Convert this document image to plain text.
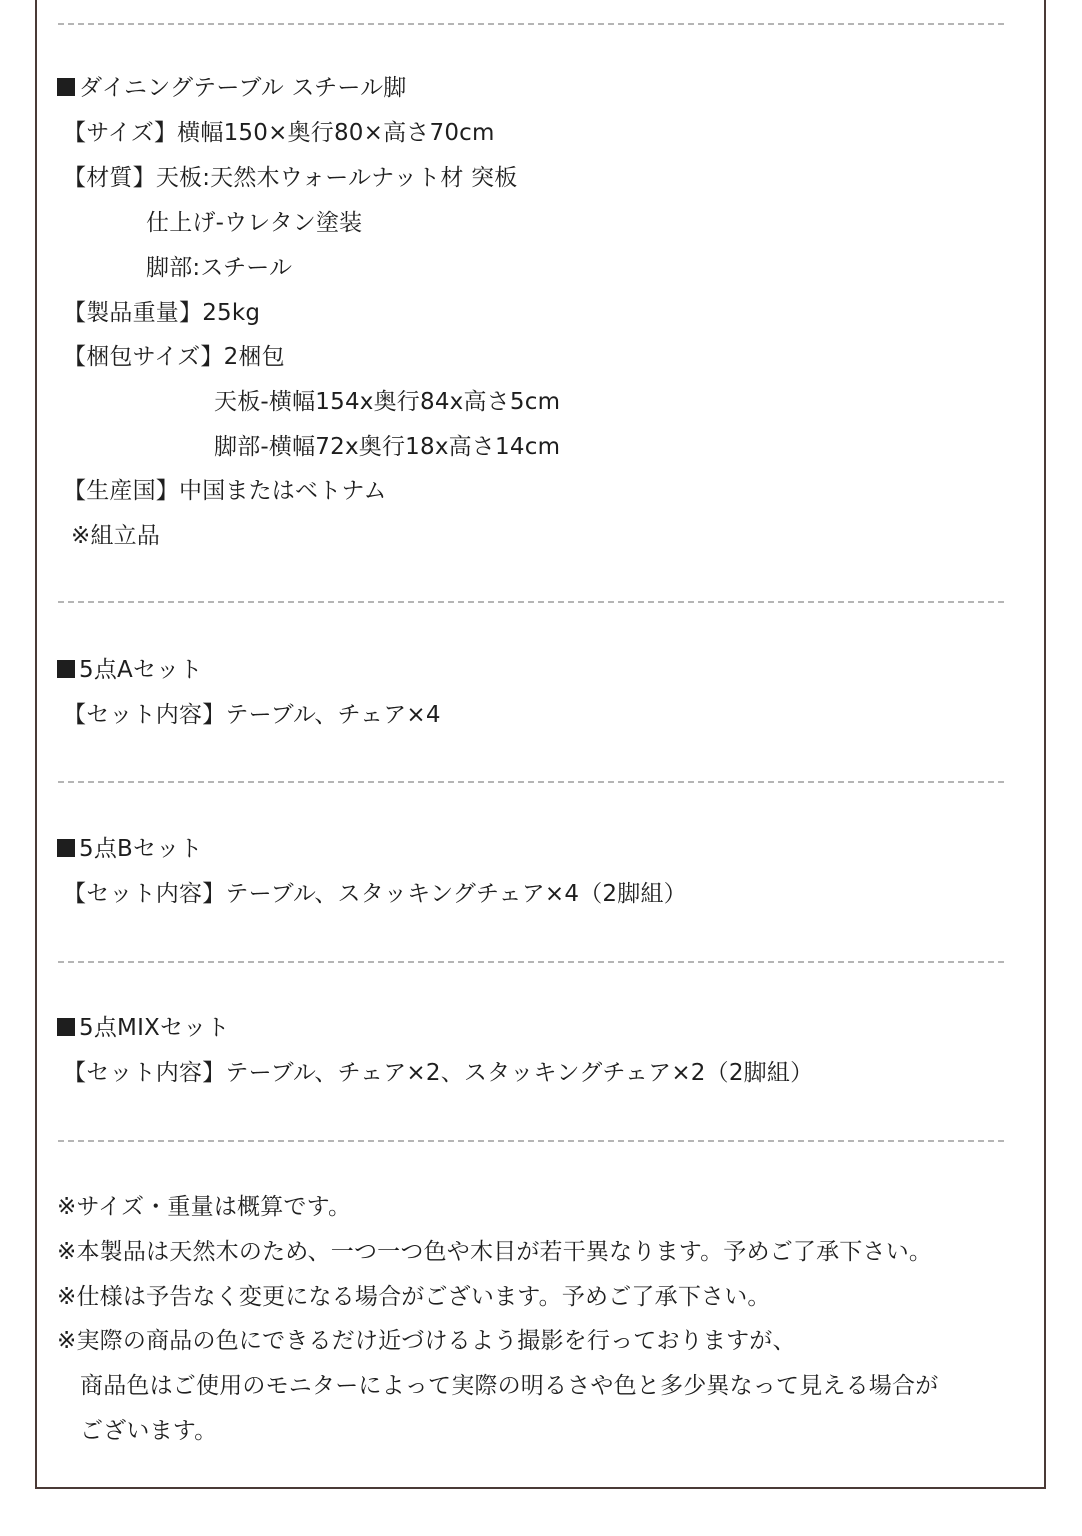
ダイニングテーブル スチール脚
【サイズ】横幅150×奥行80×高さ70cm
【材質】天板:天然木ウォールナット材 突板
仕上げ-ウレタン塗装
脚部:スチール
【製品重量】25kg
【梱包サイズ】2梱包
天板-横幅154x奥行84x高さ5cm
脚部-横幅72x奥行18x高さ14cm
【生産国】中国またはベトナム
※組立品
5点Aセット
【セット内容】テーブル、チェア×4
5点Bセット
【セット内容】テーブル、スタッキングチェア×4（2脚組）
5点MIXセット
【セット内容】テーブル、チェア×2、スタッキングチェア×2（2脚組）
※サイズ・重量は概算です。
※本製品は天然木のため、一つ一つ色や木目が若干異なります。予めご了承下さい。
※仕様は予告なく変更になる場合がございます。予めご了承下さい。
※実際の商品の色にできるだけ近づけるよう撮影を行っておりますが、
商品色はご使用のモニターによって実際の明るさや色と多少異なって見える場合が
ございます。
